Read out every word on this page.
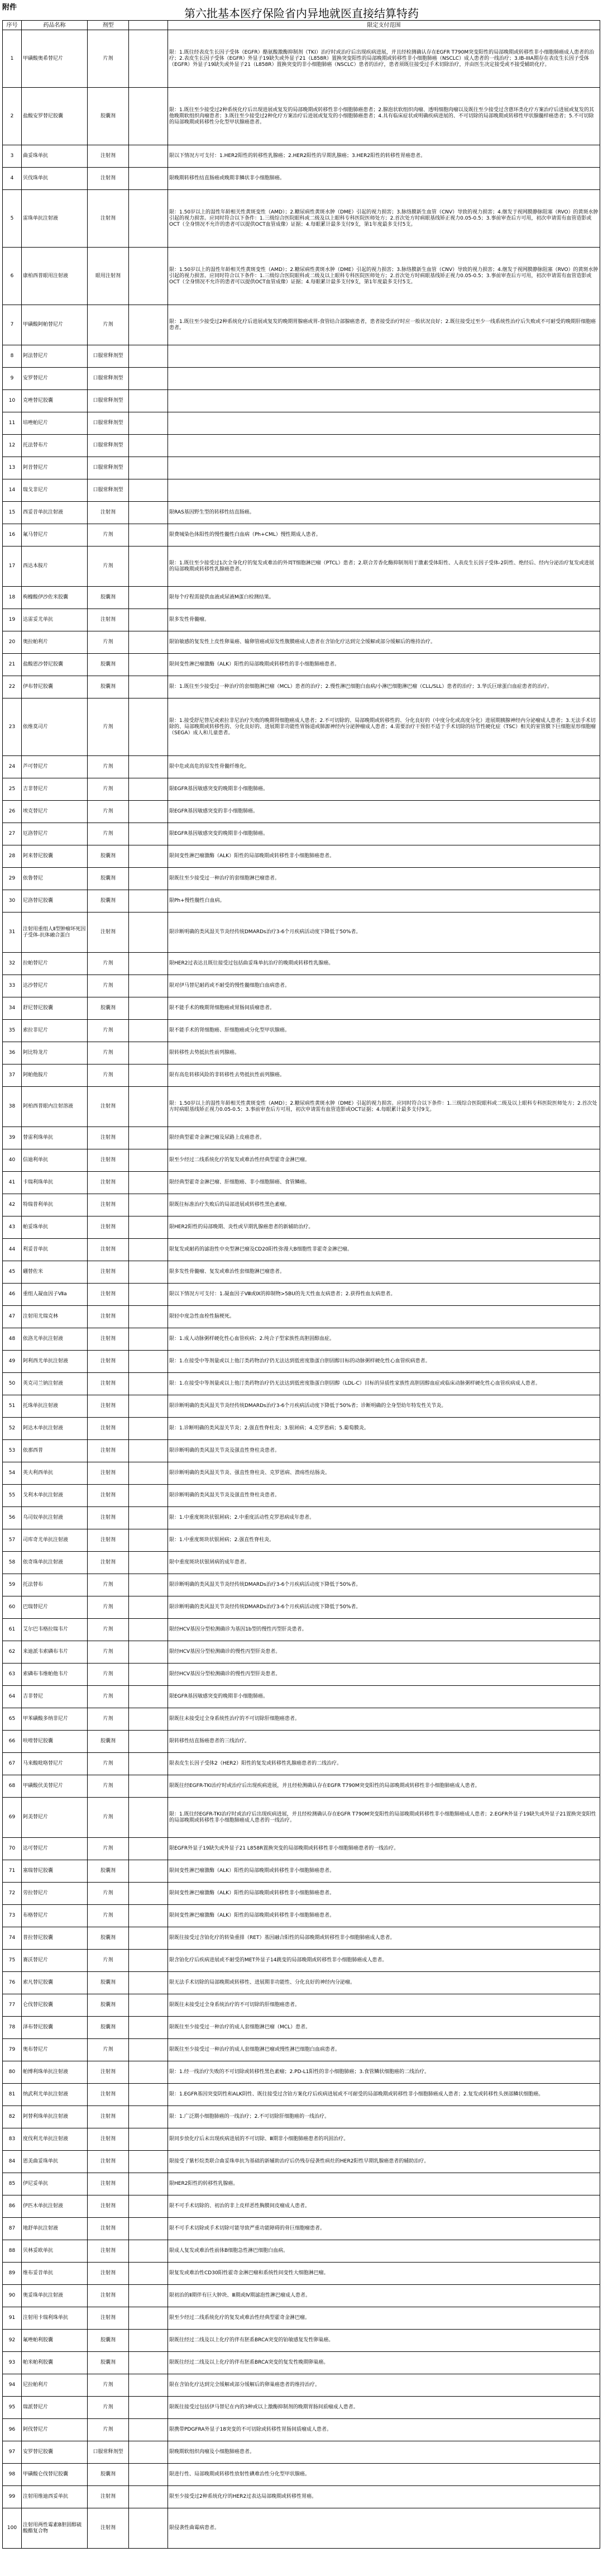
附件	第六批基本医疗保险省内异地就医直接结算特药
序号	药品名称	剂型		限定支付范围
1	甲磺酸奥希替尼片	片剂		限：1.既往经表皮生长因子受体（EGFR）酪氨酸激酶抑制剂（TKI）治疗时或治疗后出现疾病进展，并且经检测确认存在EGFR T790M突变阳性的局部晚期或转移性非小细胞肺癌成人患者的治疗；2.表皮生长因子受体（EGFR）外显子19缺失或外显子21（L858R）置换突变阳性的局部晚期或转移性非小细胞肺癌（NSCLC）成人患者的一线治疗；3.IB-IIIA期存在表皮生长因子受体（EGFR）外显子19缺失或外显子21（L858R）置换突变的非小细胞肺癌（NSCLC）患者的治疗，患者须既往接受过手术切除治疗，并由医生决定接受或不接受辅助化疗。
2	盐酸安罗替尼胶囊	胶囊剂		限：1.既往至少接受过2种系统化疗后出现进展或复发的局部晚期或转移性非小细胞肺癌患者；2.腺泡状软组织肉瘤、透明细胞肉瘤以及既往至少接受过含蒽环类化疗方案治疗后进展或复发的其他晚期软组织肉瘤患者；3.既往至少接受过2种化疗方案治疗后进展或复发的小细胞肺癌患者；4.具有临床症状或明确疾病进展的、不可切除的局部晚期或转移性甲状腺髓样癌患者；5.不可切除的局部晚期或转移性分化型甲状腺癌患者。
3	曲妥珠单抗	注射剂		限以下情况方可支付：1.HER2阳性的转移性乳腺癌；2.HER2阳性的早期乳腺癌；3.HER2阳性的转移性胃癌患者。
4	贝伐珠单抗	注射剂		限晚期转移性结直肠癌或晚期非鳞状非小细胞肺癌。
5	雷珠单抗注射液	注射剂		限：1.50岁以上的湿性年龄相关性黄斑变性（AMD）；2.糖尿病性黄斑水肿（DME）引起的视力损害；3.脉络膜新生血管（CNV）导致的视力损害；4.继发于视网膜静脉阻塞（RVO）的黄斑水肿引起的视力损害。应同时符合以下条件：1.三级综合医院眼科或二级及以上眼科专科医院医师处方；2.首次处方时病眼基线矫正视力0.05-0.5；3.事前审查后方可用，初次申请需有血管造影或OCT（全身情况不允许的患者可以提供OCT血管成像）证据；4.每眼累计最多支付9支，第1年度最多支付5支。
6	康柏西普眼用注射液	眼用注射剂		限：1.50岁以上的湿性年龄相关性黄斑变性（AMD）；2.糖尿病性黄斑水肿（DME）引起的视力损害；3.脉络膜新生血管（CNV）导致的视力损害；4.继发于视网膜静脉阻塞（RVO）的黄斑水肿引起的视力损害。应同时符合以下条件：1.三级综合医院眼科或二级及以上眼科专科医院医师处方；2.首次处方时病眼基线矫正视力0.05-0.5；3.事前审查后方可用，初次申请需有血管造影或OCT（全身情况不允许的患者可以提供OCT血管成像）证据；4.每眼累计最多支付9支，第1年度最多支付5支。
7	甲磺酸阿帕替尼片	片剂		限：1.既往至少接受过2种系统化疗后进展或复发的晚期胃腺癌或胃-食管结合部腺癌患者，患者接受治疗时应一般状况良好；2.既往接受过至少一线系统性治疗后失败或不可耐受的晚期肝细胞癌患者。
8	阿法替尼片	口服常释剂型		
9	安罗替尼片	口服常释剂型		
10	克唑替尼胶囊	口服常释剂型		
11	培唑帕尼片	口服常释剂型		
12	托法替布片	口服常释剂型		
13	阿昔替尼片	口服常释剂型		
14	瑞戈非尼片	口服常释剂型		
15	西妥昔单抗注射液	注射剂		限RAS基因野生型的转移性结直肠癌。
16	氟马替尼片	片剂		限费城染色体阳性的慢性髓性白血病（Ph+CML）慢性期成人患者。
17	西达本胺片	片剂		限：1.既往至少接受过1次全身化疗的复发或难治的外周T细胞淋巴瘤（PTCL）患者；2.联合芳香化酶抑制剂用于激素受体阳性、人表皮生长因子受体-2阴性、绝经后、经内分泌治疗复发或进展的局部晚期或转移性乳腺癌患者。
18	枸橼酸伊沙佐米胶囊	胶囊剂		限每个疗程需提供血液或尿液M蛋白检测结果。
19	达雷妥尤单抗	注射剂		限多发性骨髓瘤。
20	奥拉帕利片	片剂		限铂敏感的复发性上皮性卵巢癌、输卵管癌或原发性腹膜癌成人患者在含铂化疗达到完全缓解或部分缓解后的维持治疗。
21	盐酸恩沙替尼胶囊	胶囊剂		限间变性淋巴瘤激酶（ALK）阳性的局部晚期或转移性的非小细胞肺癌患者。
22	伊布替尼胶囊	胶囊剂		限：1.既往至少接受过一种治疗的套细胞淋巴瘤（MCL）患者的治疗；2.慢性淋巴细胞白血病/小淋巴细胞淋巴瘤（CLL/SLL）患者的治疗；3.华氏巨球蛋白血症患者的治疗。
23	依维莫司片	片剂		限：1.接受舒尼替尼或索拉非尼治疗失败的晚期肾细胞癌成人患者；2.不可切除的、局部晚期或转移性的、分化良好的（中度分化或高度分化）进展期胰腺神经内分泌瘤成人患者；3.无法手术切除的、局部晚期或转移性的、分化良好的、进展期非功能性胃肠道或肺源神经内分泌肿瘤成人患者；4.需要治疗干预但不适于手术切除的结节性硬化症（TSC）相关的室管膜下巨细胞星形细胞瘤（SEGA）成人和儿童患者。
24	芦可替尼片	片剂		限中危或高危的原发性骨髓纤维化。
25	吉非替尼片	片剂		限EGFR基因敏感突变的晚期非小细胞肺癌。
26	埃克替尼片	片剂		限EGFR基因敏感突变的非小细胞肺癌。
27	厄洛替尼片	片剂		限EGFR基因敏感突变的晚期非小细胞肺癌。
28	阿来替尼胶囊	胶囊剂		限间变性淋巴瘤激酶（ALK）阳性的局部晚期或转移性非小细胞肺癌患者。
29	依鲁替尼	胶囊剂		限既往至少接受过一种治疗的套细胞淋巴瘤患者。
30	尼洛替尼胶囊	胶囊剂		限Ph+慢性髓性白血病。
31	注射用重组人Ⅱ型肿瘤坏死因子受体-抗体融合蛋白	注射剂		限诊断明确的类风湿关节炎经传统DMARDs治疗3-6个月疾病活动度下降低于50%者。
32	拉帕替尼片	片剂		限HER2过表达且既往接受过包括曲妥珠单抗治疗的晚期或转移性乳腺癌。
33	达沙替尼片	片剂		限对伊马替尼耐药或不耐受的慢性髓细胞白血病患者。
34	舒尼替尼胶囊	胶囊剂		限不能手术的晚期肾细胞癌或胃肠间质瘤患者。
35	索拉非尼片	片剂		限不能手术的肾细胞癌、肝细胞癌或分化型甲状腺癌。
36	阿比特龙片	片剂		限转移性去势抵抗性前列腺癌。
37	阿帕他胺片	片剂		限有高危转移风险的非转移性去势抵抗性前列腺癌。
38	阿柏西普眼内注射溶液	注射剂		限：1.50岁以上的湿性年龄相关性黄斑变性（AMD）；2.糖尿病性黄斑水肿（DME）引起的视力损害。应同时符合以下条件：1.三级综合医院眼科或二级及以上眼科专科医院医师处方；2.首次处方时病眼基线矫正视力0.05-0.5；3.事前审查后方可用，初次申请需有血管造影或OCT证据；4.每眼累计最多支付9支。
39	替雷利珠单抗	注射剂		限经典型霍奇金淋巴瘤及尿路上皮癌患者。
40	信迪利单抗	注射剂		限至少经过二线系统化疗的复发或难治性经典型霍奇金淋巴瘤。
41	卡瑞利珠单抗	注射剂		限经典型霍奇金淋巴瘤、肝细胞癌、非小细胞肺癌、食管鳞癌。
42	特瑞普利单抗	注射剂		限既往标准治疗失败后的局部进展或转移性黑色素瘤。
43	帕妥珠单抗	注射剂		限HER2阳性的局部晚期、炎性或早期乳腺癌患者的新辅助治疗。
44	利妥昔单抗	注射剂		限复发或耐药的滤泡性中央型淋巴瘤及CD20阳性弥漫大B细胞性非霍奇金淋巴瘤。
45	硼替佐米	注射剂		限多发性骨髓瘤、复发或难治性套细胞淋巴瘤患者。
46	重组人凝血因子Ⅶa	注射剂		限以下情况方可支付：1.凝血因子Ⅷ或Ⅸ的抑制物>5BU的先天性血友病患者；2.获得性血友病患者。
47	注射用尤瑞克林	注射剂		限轻中度急性血栓性脑梗死。
48	依洛尤单抗注射液	注射剂		限：1.成人动脉粥样硬化性心血管疾病；2.纯合子型家族性高胆固醇血症。
49	阿利西尤单抗注射液	注射剂		限：1.在接受中等剂量或以上他汀类药物治疗仍无法达到低密度脂蛋白胆固醇目标的动脉粥样硬化性心血管疾病患者。
50	英克司兰钠注射液	注射剂		限：1.在接受中等剂量或以上他汀类药物治疗仍无法达到低密度脂蛋白胆固醇（LDL-C）目标的异质性家族性高胆固醇血症或临床动脉粥样硬化性心血管疾病成人患者。
51	托珠单抗注射液	注射剂		限诊断明确的类风湿关节炎经传统DMARDs治疗3-6个月疾病活动度下降低于50%者；诊断明确的全身型幼年特发性关节炎。
52	阿达木单抗注射液	注射剂		限：1.诊断明确的类风湿关节炎；2.强直性脊柱炎；3.银屑病；4.克罗恩病；5.葡萄膜炎。
53	依那西普	注射剂		限诊断明确的类风湿关节炎及强直性脊柱炎患者。
54	英夫利西单抗	注射剂		限诊断明确的类风湿关节炎、强直性脊柱炎、克罗恩病、溃疡性结肠炎。
55	戈利木单抗注射液	注射剂		限诊断明确的类风湿关节炎及强直性脊柱炎患者。
56	乌司奴单抗注射液	注射剂		限：1.中重度斑块状银屑病；2.中重度活动性克罗恩病成年患者。
57	司库奇尤单抗注射液	注射剂		限：1.中重度斑块状银屑病；2.强直性脊柱炎。
58	依奇珠单抗注射液	注射剂		限中重度斑块状银屑病的成年患者。
59	托法替布	片剂		限诊断明确的类风湿关节炎经传统DMARDs治疗3-6个月疾病活动度下降低于50%者。
60	巴瑞替尼片	片剂		限诊断明确的类风湿关节炎经传统DMARDs治疗3-6个月疾病活动度下降低于50%者。
61	艾尔巴韦格拉瑞韦片	片剂		限经HCV基因分型检测确诊为基因1b型的慢性丙型肝炎患者。
62	来迪派韦索磷布韦片	片剂		限经HCV基因分型检测确诊的慢性丙型肝炎患者。
63	索磷布韦维帕他韦片	片剂		限经HCV基因分型检测确诊的慢性丙型肝炎患者。
64	吉非替尼	片剂		限EGFR基因敏感突变的晚期非小细胞肺癌。
65	甲苯磺酸多纳非尼片	片剂		限既往未接受过全身系统性治疗的不可切除肝细胞癌患者。
66	呋喹替尼胶囊	胶囊剂		限转移性结直肠癌患者的三线治疗。
67	马来酸吡咯替尼片	片剂		限表皮生长因子受体2（HER2）阳性的复发或转移性乳腺癌患者的二线治疗。
68	甲磺酸伏美替尼片	片剂		限既往经EGFR-TKI治疗时或治疗后出现疾病进展，并且经检测确认存在EGFR T790M突变阳性的局部晚期或转移性非小细胞肺癌成人患者。
69	阿美替尼片	片剂		限：1.既往经EGFR-TKI治疗时或治疗后出现疾病进展，并且经检测确认存在EGFR T790M突变阳性的局部晚期或转移性非小细胞肺癌成人患者；2.EGFR外显子19缺失或外显子21置换突变阳性的局部晚期或转移性非小细胞肺癌成人患者的一线治疗。
70	达可替尼片	片剂		限EGFR外显子19缺失或外显子21 L858R置换突变的局部晚期或转移性非小细胞肺癌患者的一线治疗。
71	塞瑞替尼胶囊	胶囊剂		限间变性淋巴瘤激酶（ALK）阳性的局部晚期或转移性非小细胞肺癌患者。
72	劳拉替尼片	片剂		限间变性淋巴瘤激酶（ALK）阳性的局部晚期或转移性非小细胞肺癌患者。
73	布格替尼片	片剂		限间变性淋巴瘤激酶（ALK）阳性的局部晚期或转移性非小细胞肺癌患者。
74	普拉替尼胶囊	胶囊剂		限既往接受过含铂化疗的转染重排（RET）基因融合阳性的局部晚期或转移性非小细胞肺癌成人患者。
75	赛沃替尼片	片剂		限含铂化疗后疾病进展或不耐受的MET外显子14跳变的局部晚期或转移性非小细胞肺癌成人患者。
76	索凡替尼胶囊	胶囊剂		限无法手术切除的局部晚期或转移性、进展期非功能性、分化良好的神经内分泌瘤。
77	仑伐替尼胶囊	胶囊剂		限既往未接受过全身系统治疗的不可切除的肝细胞癌患者。
78	泽布替尼胶囊	胶囊剂		限既往至少接受过一种治疗的成人套细胞淋巴瘤（MCL）患者。
79	奥布替尼片	片剂		限既往至少接受过一种治疗的成人套细胞淋巴瘤或慢性淋巴细胞白血病患者。
80	帕博利珠单抗注射液	注射剂		限：1.经一线治疗失败的不可切除或转移性黑色素瘤；2.PD-L1阳性的非小细胞肺癌；3.食管鳞状细胞癌的二线治疗。
81	纳武利尤单抗注射液	注射剂		限：1.EGFR基因突变阴性和ALK阴性、既往接受过含铂方案化疗后疾病进展或不可耐受的局部晚期或转移性非小细胞肺癌成人患者；2.复发或转移性头颈部鳞状细胞癌。
82	阿替利珠单抗注射液	注射剂		限：1.广泛期小细胞肺癌的一线治疗；2.不可切除肝细胞癌的一线治疗。
83	度伐利尤单抗注射液	注射剂		限同步放化疗后未出现疾病进展的不可切除、Ⅲ期非小细胞肺癌患者的巩固治疗。
84	恩美曲妥珠单抗	注射剂		限接受了紫杉烷类联合曲妥珠单抗为基础的新辅助治疗后仍残存侵袭性病灶的HER2阳性早期乳腺癌患者的辅助治疗。
85	伊尼妥单抗	注射剂		限HER2阳性的转移性乳腺癌。
86	伊匹木单抗注射液	注射剂		限不可手术切除的、初治的非上皮样恶性胸膜间皮瘤成人患者。
87	地舒单抗注射液	注射剂		限不可手术切除或手术切除可能导致严重功能障碍的骨巨细胞瘤患者。
88	贝林妥欧单抗	注射剂		限成人复发或难治性前体B细胞急性淋巴细胞白血病。
89	维布妥昔单抗	注射剂		限复发或难治性CD30阳性霍奇金淋巴瘤和系统性间变性大细胞淋巴瘤。
90	奥妥珠单抗注射液	注射剂		限初治的Ⅱ期伴有巨大肿块、Ⅲ期或Ⅳ期滤泡性淋巴瘤成人患者。
91	注射用卡瑞利珠单抗	注射剂		限至少经过二线系统化疗的复发或难治性经典型霍奇金淋巴瘤。
92	氟唑帕利胶囊	胶囊剂		限既往经过二线及以上化疗的伴有胚系BRCA突变的铂敏感复发性卵巢癌。
93	帕米帕利胶囊	胶囊剂		限既往经过二线及以上化疗的伴有胚系BRCA突变的复发性晚期卵巢癌。
94	尼拉帕利片	片剂		限在含铂化疗达到完全缓解或部分缓解后的卵巢癌患者的维持治疗。
95	瑞派替尼片	片剂		限既往接受过包括伊马替尼在内的3种或以上激酶抑制剂的晚期胃肠间质瘤成人患者。
96	阿伐替尼片	片剂		限携带PDGFRA外显子18突变的不可切除或转移性胃肠间质瘤成人患者。
97	安罗替尼胶囊	口服常释剂型		限晚期软组织肉瘤及小细胞肺癌患者。
98	甲磺酸仑伐替尼胶囊	胶囊剂		限进行性、局部晚期或转移性放射性碘难治性分化型甲状腺癌。
99	注射用维迪西妥单抗	注射剂		限至少接受过2种系统化疗的HER2过表达局部晚期或转移性胃癌。
100	注射用两性霉素B胆固醇硫酸酯复合物	注射剂		限侵袭性曲霉病患者。
